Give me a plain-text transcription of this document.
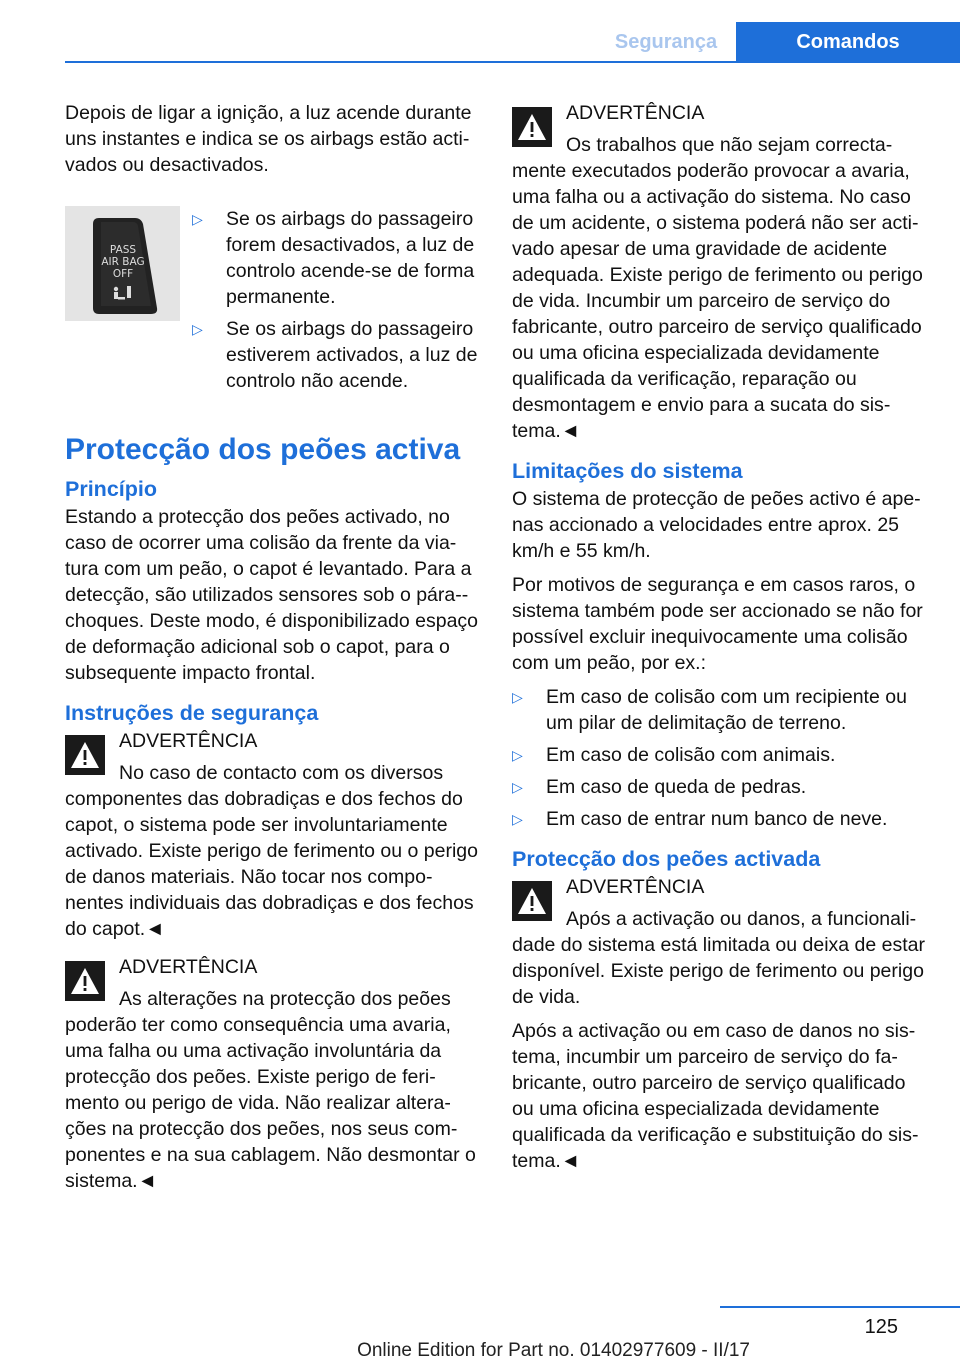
Segurança	Comandos

Depois de ligar a ignição, a luz acende durante uns instantes e indica se os airbags estão activados ou desactivados.

PASS
AIR BAG
OFF
▷ Se os airbags do passageiro forem desactivados, a luz de controlo acende-se de forma permanente.
▷ Se os airbags do passageiro estiverem activados, a luz de controlo não acende.
Protecção dos peões activa
Princípio

Estando a protecção dos peões activado, no caso de ocorrer uma colisão da frente da viatura com um peão, o capot é levantado. Para a detecção, são utilizados sensores sob o pára--choques. Deste modo, é disponibilizado espaço de deformação adicional sob o capot, para o subsequente impacto frontal.

Instruções de segurança
ADVERTÊNCIA
No caso de contacto com os diversos componentes das dobradiças e dos fechos do capot, o sistema pode ser involuntariamente activado. Existe perigo de ferimento ou o perigo de danos materiais. Não tocar nos componentes individuais das dobradiças e dos fechos do capot.◄
ADVERTÊNCIA
As alterações na protecção dos peões poderão ter como consequência uma avaria, uma falha ou uma activação involuntária da protecção dos peões. Existe perigo de ferimento ou perigo de vida. Não realizar alterações na protecção dos peões, nos seus componentes e na sua cablagem. Não desmontar o sistema.◄
ADVERTÊNCIA
Os trabalhos que não sejam correctamente executados poderão provocar a avaria, uma falha ou a activação do sistema. No caso de um acidente, o sistema poderá não ser activado apesar de uma gravidade de acidente adequada. Existe perigo de ferimento ou perigo de vida. Incumbir um parceiro de serviço do fabricante, outro parceiro de serviço qualificado ou uma oficina especializada devidamente qualificada da verificação, reparação ou desmontagem e envio para a sucata do sistema.◄
Limitações do sistema

O sistema de protecção de peões activo é apenas accionado a velocidades entre aprox. 25 km/h e 55 km/h.

Por motivos de segurança e em casos raros, o sistema também pode ser accionado se não for possível excluir inequivocamente uma colisão com um peão, por ex.:

▷ Em caso de colisão com um recipiente ou um pilar de delimitação de terreno.
▷ Em caso de colisão com animais.
▷ Em caso de queda de pedras.
▷ Em caso de entrar num banco de neve.
Protecção dos peões activada
ADVERTÊNCIA
Após a activação ou danos, a funcionalidade do sistema está limitada ou deixa de estar disponível. Existe perigo de ferimento ou perigo de vida.

Após a activação ou em caso de danos no sistema, incumbir um parceiro de serviço do fabricante, outro parceiro de serviço qualificado ou uma oficina especializada devidamente qualificada da verificação e substituição do sistema.◄

125
Online Edition for Part no. 01402977609 - II/17
